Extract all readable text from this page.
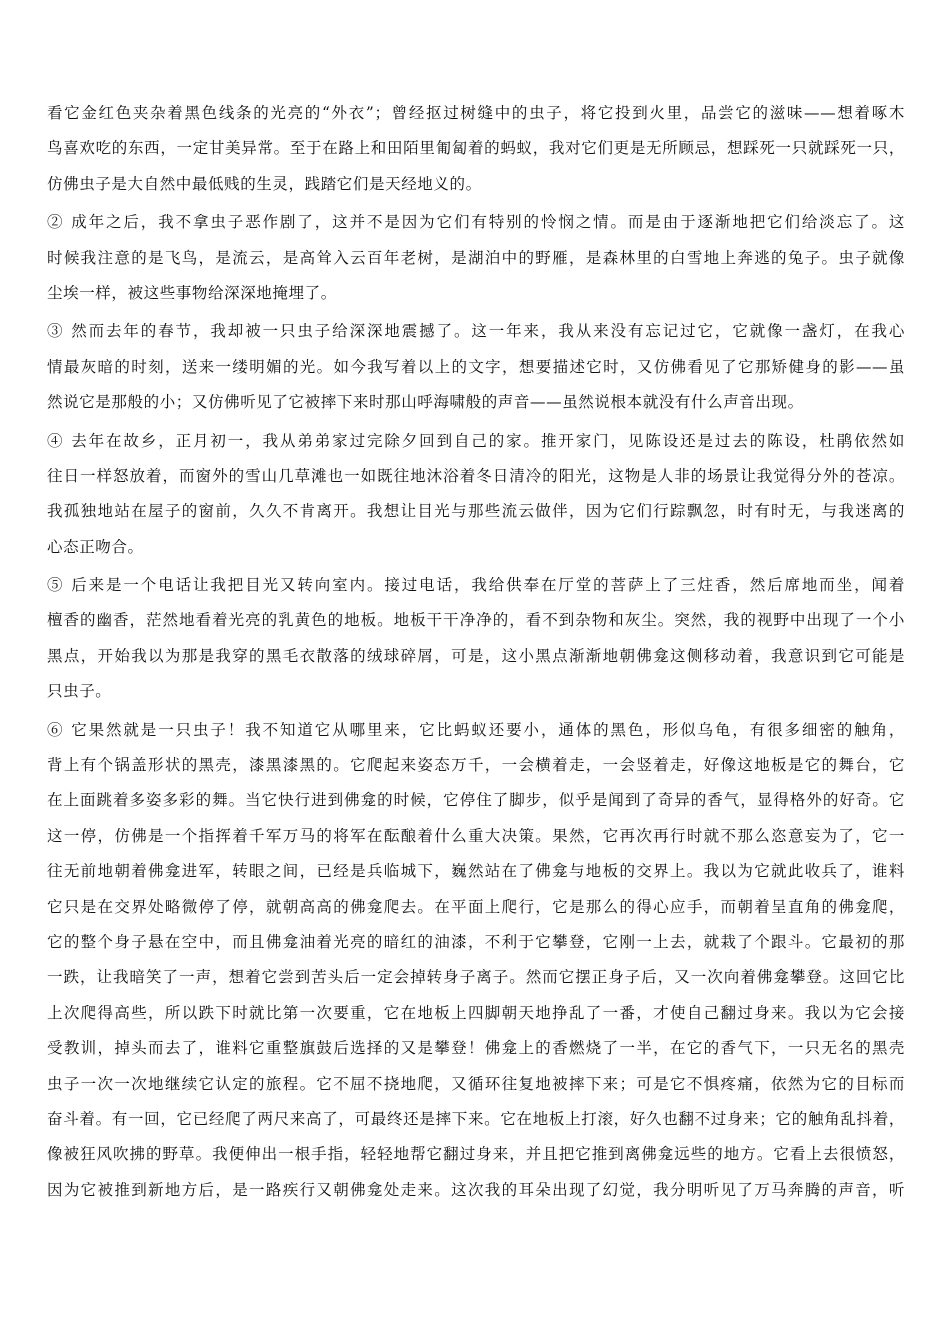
看它金红色夹杂着黑色线条的光亮的“外衣”；曾经抠过树缝中的虫子，将它投到火里，品尝它的滋味——想着啄木
鸟喜欢吃的东西，一定甘美异常。至于在路上和田陌里匍匐着的蚂蚁，我对它们更是无所顾忌，想踩死一只就踩死一只，
仿佛虫子是大自然中最低贱的生灵，践踏它们是天经地义的。
② 成年之后，我不拿虫子恶作剧了，这并不是因为它们有特别的怜悯之情。而是由于逐渐地把它们给淡忘了。这
时候我注意的是飞鸟，是流云，是高耸入云百年老树，是湖泊中的野雁，是森林里的白雪地上奔逃的兔子。虫子就像
尘埃一样，被这些事物给深深地掩埋了。
③ 然而去年的春节，我却被一只虫子给深深地震撼了。这一年来，我从来没有忘记过它，它就像一盏灯，在我心
情最灰暗的时刻，送来一缕明媚的光。如今我写着以上的文字，想要描述它时，又仿佛看见了它那矫健身的影——虽
然说它是那般的小；又仿佛听见了它被摔下来时那山呼海啸般的声音——虽然说根本就没有什么声音出现。
④ 去年在故乡，正月初一，我从弟弟家过完除夕回到自己的家。推开家门，见陈设还是过去的陈设，杜鹃依然如
往日一样怒放着，而窗外的雪山几草滩也一如既往地沐浴着冬日清冷的阳光，这物是人非的场景让我觉得分外的苍凉。
我孤独地站在屋子的窗前，久久不肯离开。我想让目光与那些流云做伴，因为它们行踪飘忽，时有时无，与我迷离的
心态正吻合。
⑤ 后来是一个电话让我把目光又转向室内。接过电话，我给供奉在厅堂的菩萨上了三炷香，然后席地而坐，闻着
檀香的幽香，茫然地看着光亮的乳黄色的地板。地板干干净净的，看不到杂物和灰尘。突然，我的视野中出现了一个小
黑点，开始我以为那是我穿的黑毛衣散落的绒球碎屑，可是，这小黑点渐渐地朝佛龛这侧移动着，我意识到它可能是
只虫子。
⑥ 它果然就是一只虫子！我不知道它从哪里来，它比蚂蚁还要小，通体的黑色，形似乌龟，有很多细密的触角，
背上有个锅盖形状的黑壳，漆黑漆黑的。它爬起来姿态万千，一会横着走，一会竖着走，好像这地板是它的舞台，它
在上面跳着多姿多彩的舞。当它快行进到佛龛的时候，它停住了脚步，似乎是闻到了奇异的香气，显得格外的好奇。它
这一停，仿佛是一个指挥着千军万马的将军在酝酿着什么重大决策。果然，它再次再行时就不那么恣意妄为了，它一
往无前地朝着佛龛进军，转眼之间，已经是兵临城下，巍然站在了佛龛与地板的交界上。我以为它就此收兵了，谁料
它只是在交界处略微停了停，就朝高高的佛龛爬去。在平面上爬行，它是那么的得心应手，而朝着呈直角的佛龛爬，
它的整个身子悬在空中，而且佛龛油着光亮的暗红的油漆，不利于它攀登，它刚一上去，就栽了个跟斗。它最初的那
一跌，让我暗笑了一声，想着它尝到苦头后一定会掉转身子离子。然而它摆正身子后，又一次向着佛龛攀登。这回它比
上次爬得高些，所以跌下时就比第一次要重，它在地板上四脚朝天地挣乱了一番，才使自己翻过身来。我以为它会接
受教训，掉头而去了，谁料它重整旗鼓后选择的又是攀登！佛龛上的香燃烧了一半，在它的香气下，一只无名的黑壳
虫子一次一次地继续它认定的旅程。它不屈不挠地爬，又循环往复地被摔下来；可是它不惧疼痛，依然为它的目标而
奋斗着。有一回，它已经爬了两尺来高了，可最终还是摔下来。它在地板上打滚，好久也翻不过身来；它的触角乱抖着，
像被狂风吹拂的野草。我便伸出一根手指，轻轻地帮它翻过身来，并且把它推到离佛龛远些的地方。它看上去很愤怒，
因为它被推到新地方后，是一路疾行又朝佛龛处走来。这次我的耳朵出现了幻觉，我分明听见了万马奔腾的声音，听
